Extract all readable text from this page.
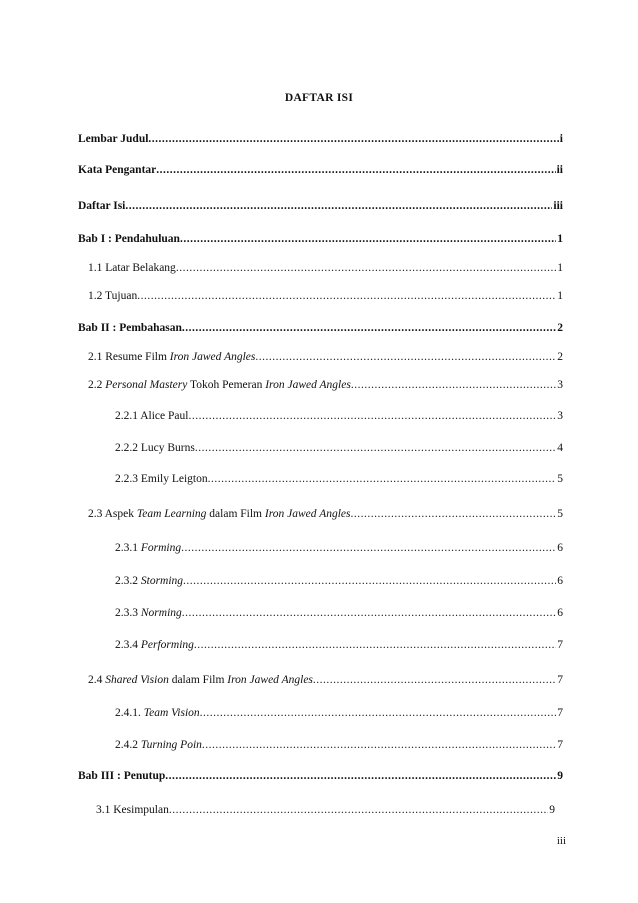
DAFTAR ISI
Lembar Judul .....	i
Kata Pengantar .....	ii
Daftar Isi .....	iii
Bab I : Pendahuluan .....	1
1.1 Latar Belakang .....	1
1.2 Tujuan .....	1
Bab II : Pembahasan .....	2
2.1 Resume Film Iron Jawed Angles .....	2
2.2 Personal Mastery Tokoh Pemeran Iron Jawed Angles .....	3
2.2.1 Alice Paul .....	3
2.2.2 Lucy Burns .....	4
2.2.3 Emily Leigton .....	5
2.3 Aspek Team Learning dalam Film Iron Jawed Angles .....	5
2.3.1 Forming .....	6
2.3.2 Storming .....	6
2.3.3 Norming .....	6
2.3.4 Performing .....	7
2.4 Shared Vision dalam Film Iron Jawed Angles .....	7
2.4.1. Team Vision .....	7
2.4.2 Turning Poin .....	7
Bab III : Penutup .....	9
3.1 Kesimpulan .....	9
iii
